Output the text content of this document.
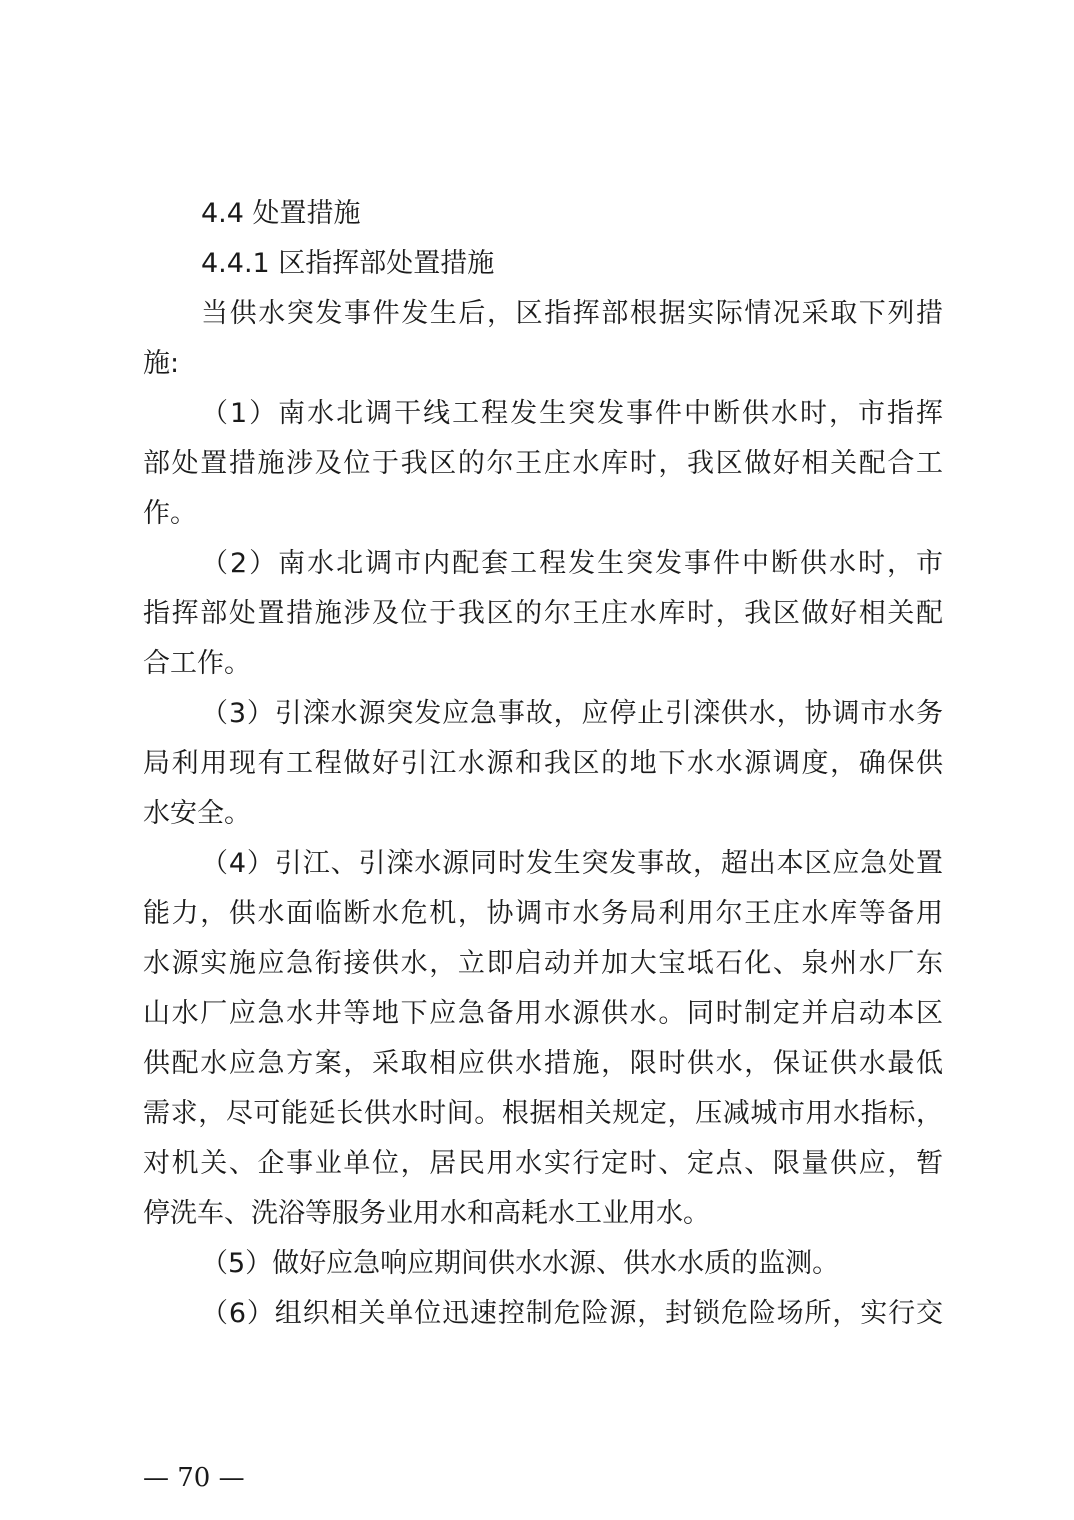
4.4 处置措施
4.4.1 区指挥部处置措施
当供水突发事件发生后，区指挥部根据实际情况采取下列措
施:
（1）南水北调干线工程发生突发事件中断供水时，市指挥
部处置措施涉及位于我区的尔王庄水库时，我区做好相关配合工
作。
（2）南水北调市内配套工程发生突发事件中断供水时，市
指挥部处置措施涉及位于我区的尔王庄水库时，我区做好相关配
合工作。
（3）引滦水源突发应急事故，应停止引滦供水，协调市水务
局利用现有工程做好引江水源和我区的地下水水源调度，确保供
水安全。
（4）引江、引滦水源同时发生突发事故，超出本区应急处置
能力，供水面临断水危机，协调市水务局利用尔王庄水库等备用
水源实施应急衔接供水，立即启动并加大宝坻石化、泉州水厂东
山水厂应急水井等地下应急备用水源供水。同时制定并启动本区
供配水应急方案，采取相应供水措施，限时供水，保证供水最低
需求，尽可能延长供水时间。根据相关规定，压减城市用水指标，
对机关、企事业单位，居民用水实行定时、定点、限量供应，暂
停洗车、洗浴等服务业用水和高耗水工业用水。
（5）做好应急响应期间供水水源、供水水质的监测。
（6）组织相关单位迅速控制危险源，封锁危险场所，实行交
— 70 —
